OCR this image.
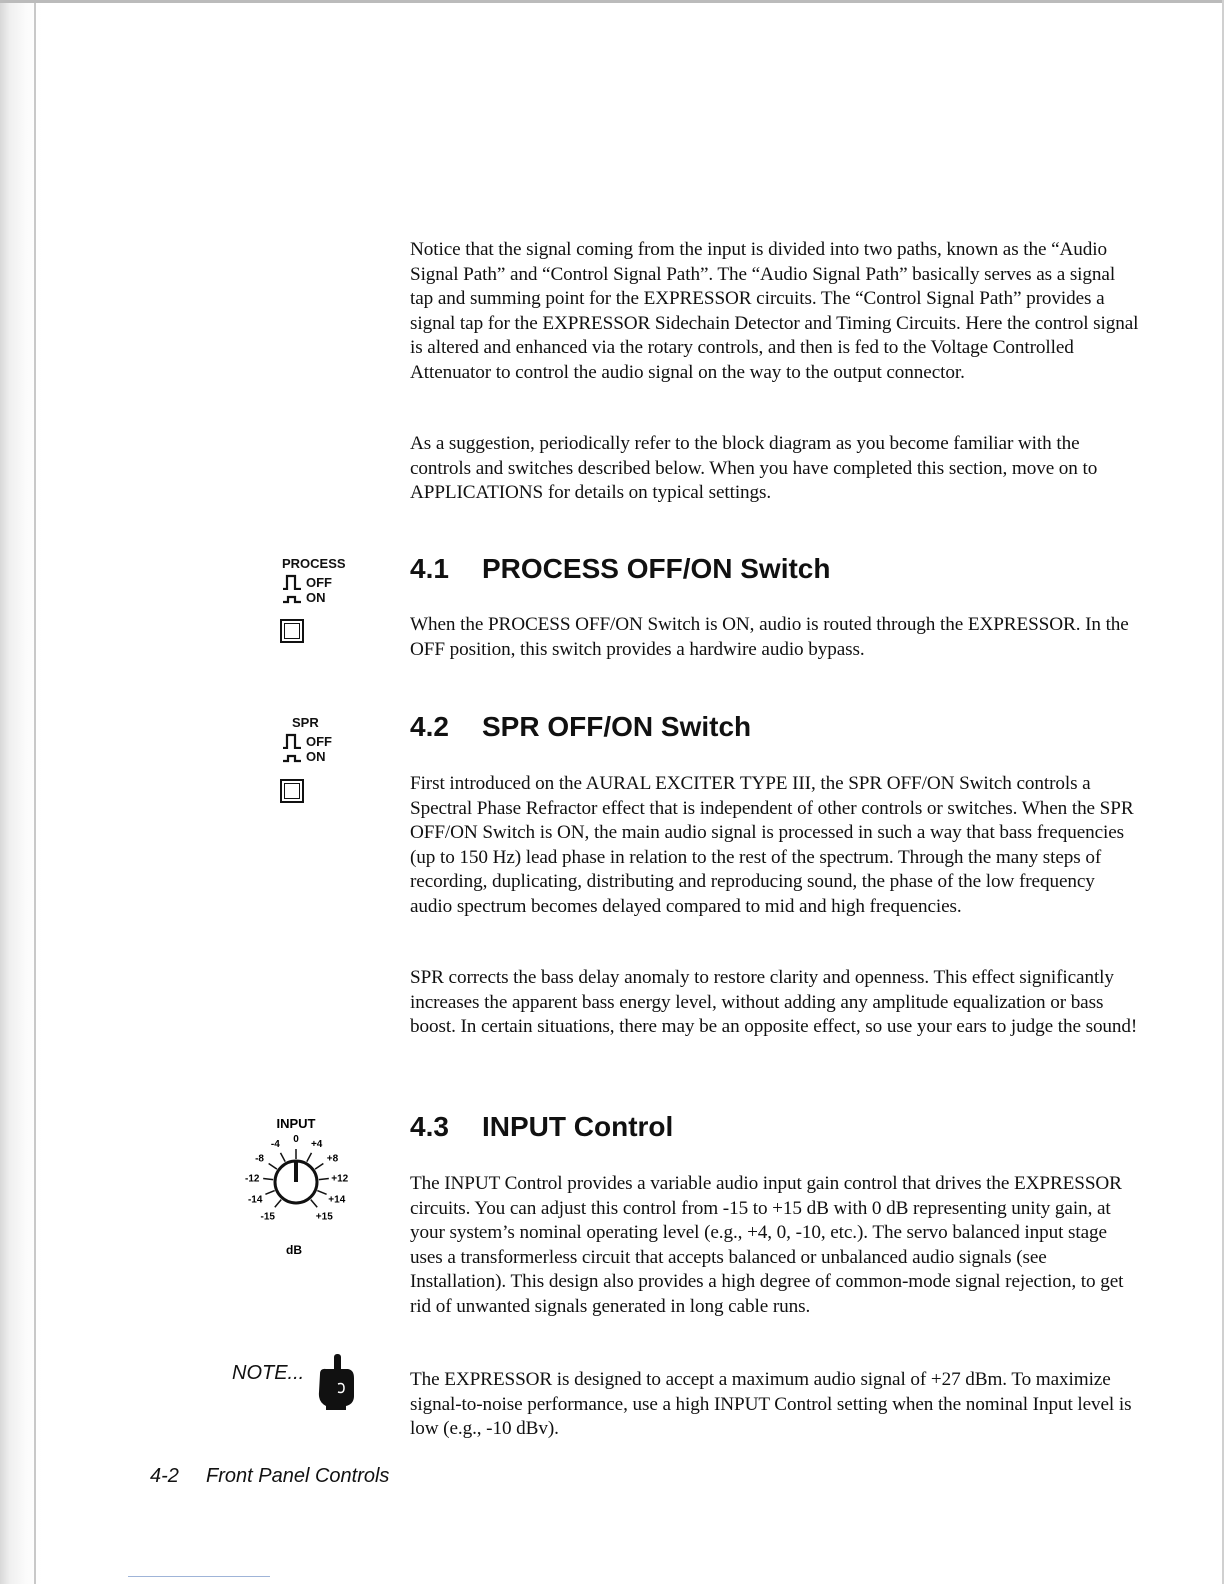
Notice that the signal coming from the input is divided into two paths, known as the “Audio Signal Path” and “Control Signal Path”. The “Audio Signal Path” basically serves as a signal tap and summing point for the EXPRESSOR circuits. The “Control Signal Path” provides a signal tap for the EXPRESSOR Sidechain Detector and Timing Circuits. Here the control signal is altered and enhanced via the rotary controls, and then is fed to the Voltage Controlled Attenuator to control the audio signal on the way to the output connector.

As a suggestion, periodically refer to the block diagram as you become familiar with the controls and switches described below. When you have completed this section, move on to APPLICATIONS for details on typical settings.

PROCESS
OFF
ON
4.1 PROCESS OFF/ON Switch

When the PROCESS OFF/ON Switch is ON, audio is routed through the EXPRESSOR. In the OFF position, this switch provides a hardwire audio bypass.

SPR
OFF
ON
4.2 SPR OFF/ON Switch

First introduced on the AURAL EXCITER TYPE III, the SPR OFF/ON Switch controls a Spectral Phase Refractor effect that is independent of other controls or switches. When the SPR OFF/ON Switch is ON, the main audio signal is processed in such a way that bass frequencies (up to 150 Hz) lead phase in relation to the rest of the spectrum. Through the many steps of recording, duplicating, distributing and reproducing sound, the phase of the low frequency audio spectrum becomes delayed compared to mid and high frequencies.

SPR corrects the bass delay anomaly to restore clarity and openness. This effect significantly increases the apparent bass energy level, without adding any amplitude equalization or bass boost. In certain situations, there may be an opposite effect, so use your ears to judge the sound!

INPUT
-15
-14
-12
-8
-4 0 +4
+8
+12
+14
+15
dB
4.3 INPUT Control

The INPUT Control provides a variable audio input gain control that drives the EXPRESSOR circuits. You can adjust this control from -15 to +15 dB with 0 dB representing unity gain, at your system’s nominal operating level (e.g., +4, 0, -10, etc.). The servo balanced input stage uses a transformerless circuit that accepts balanced or unbalanced audio signals (see Installation). This design also provides a high degree of common-mode signal rejection, to get rid of unwanted signals generated in long cable runs.

NOTE...	The EXPRESSOR is designed to accept a maximum audio signal of +27 dBm. To maximize signal-to-noise performance, use a high INPUT Control setting when the nominal Input level is low (e.g., -10 dBv).

4-2 Front Panel Controls
